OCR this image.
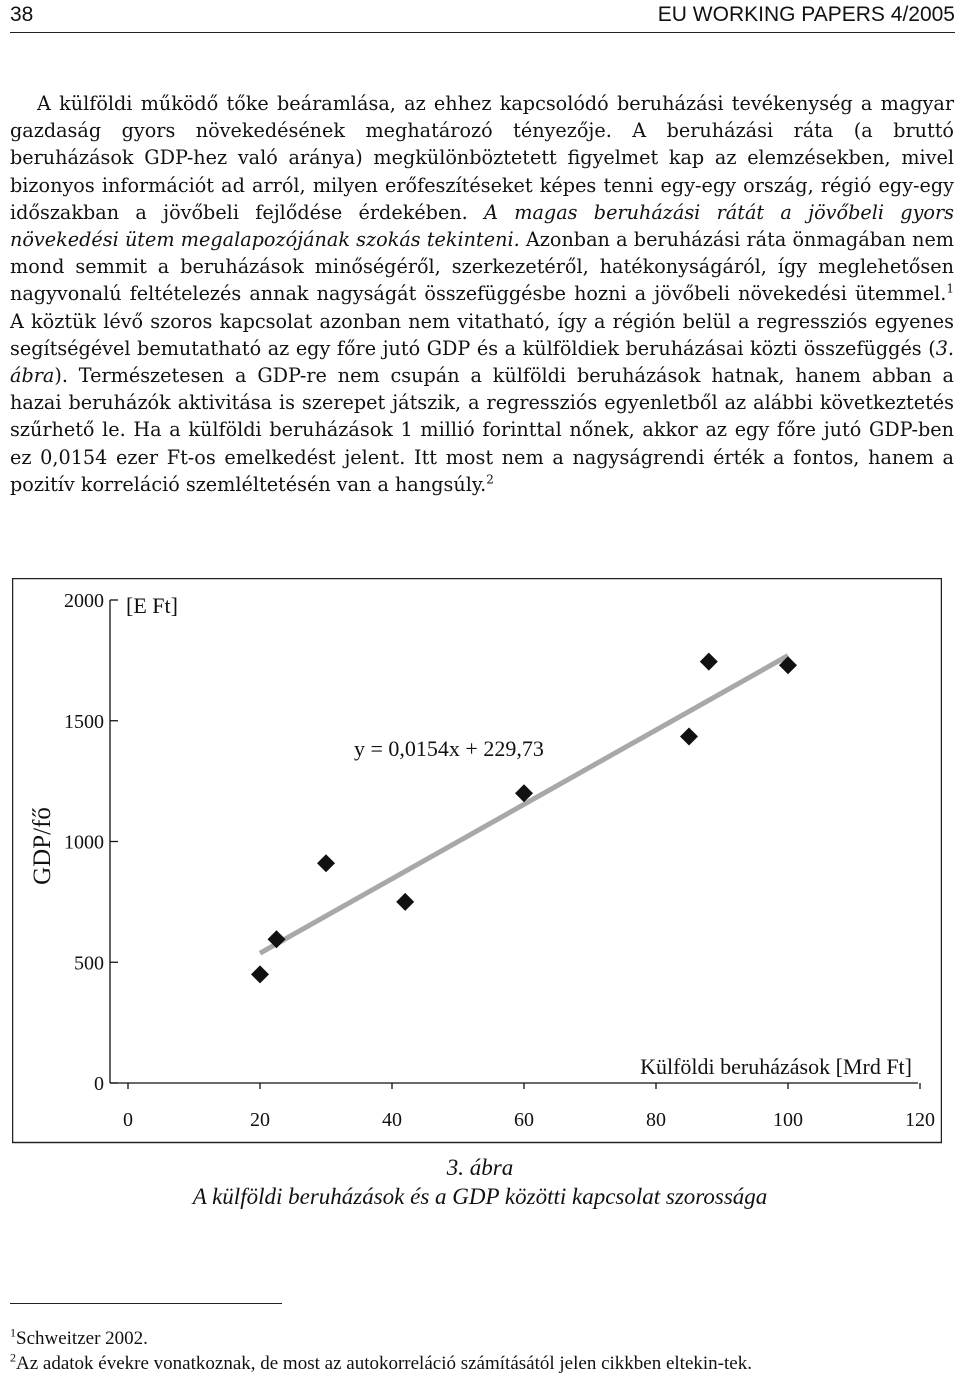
38	EU WORKING PAPERS 4/2005

A külföldi működő tőke beáramlása, az ehhez kapcsolódó beruházási tevékenység a magyar gazdaság gyors növekedésének meghatározó tényezője. A beruházási ráta (a bruttó beruházások GDP-hez való aránya) megkülönböztetett figyelmet kap az elemzésekben, mivel bizonyos információt ad arról, milyen erőfeszítéseket képes tenni egy-egy ország, régió egy-egy időszakban a jövőbeli fejlődése érdekében. A magas beruházási rátát a jövőbeli gyors növekedési ütem megalapozójának szokás tekinteni. Azonban a beruházási ráta önmagában nem mond semmit a beruházások minőségéről, szerkezetéről, hatékonyságáról, így meglehetősen nagyvonalú feltételezés annak nagyságát összefüggésbe hozni a jövőbeli növekedési ütemmel.$^1$ A köztük lévő szoros kapcsolat azonban nem vitatható, így a régión belül a regressziós egyenes segítségével bemutatható az egy főre jutó GDP és a külföldiek beruházásai közti összefüggés (3. ábra). Természetesen a GDP-re nem csupán a külföldi beruházások hatnak, hanem abban a hazai beruházók aktivitása is szerepet játszik, a regressziós egyenletből az alábbi következtetés szűrhető le. Ha a külföldi beruházások 1 millió forinttal nőnek, akkor az egy főre jutó GDP-ben ez 0,0154 ezer Ft-os emelkedést jelent. Itt most nem a nagyságrendi érték a fontos, hanem a pozitív korreláció szemléltetésén van a hangsúly.$^2$

0
500
1000
1500
2000
0	20	40	60	80	100	120
[E Ft]
y = 0,0154x + 229,73
Külföldi beruházások [Mrd Ft]
GDP/fő
3. ábra
A külföldi beruházások és a GDP közötti kapcsolat szorossága
$^1$Schweitzer 2002.
$^2$Az adatok évekre vonatkoznak, de most az autokorreláció számításától jelen cikkben eltekin-tek.
